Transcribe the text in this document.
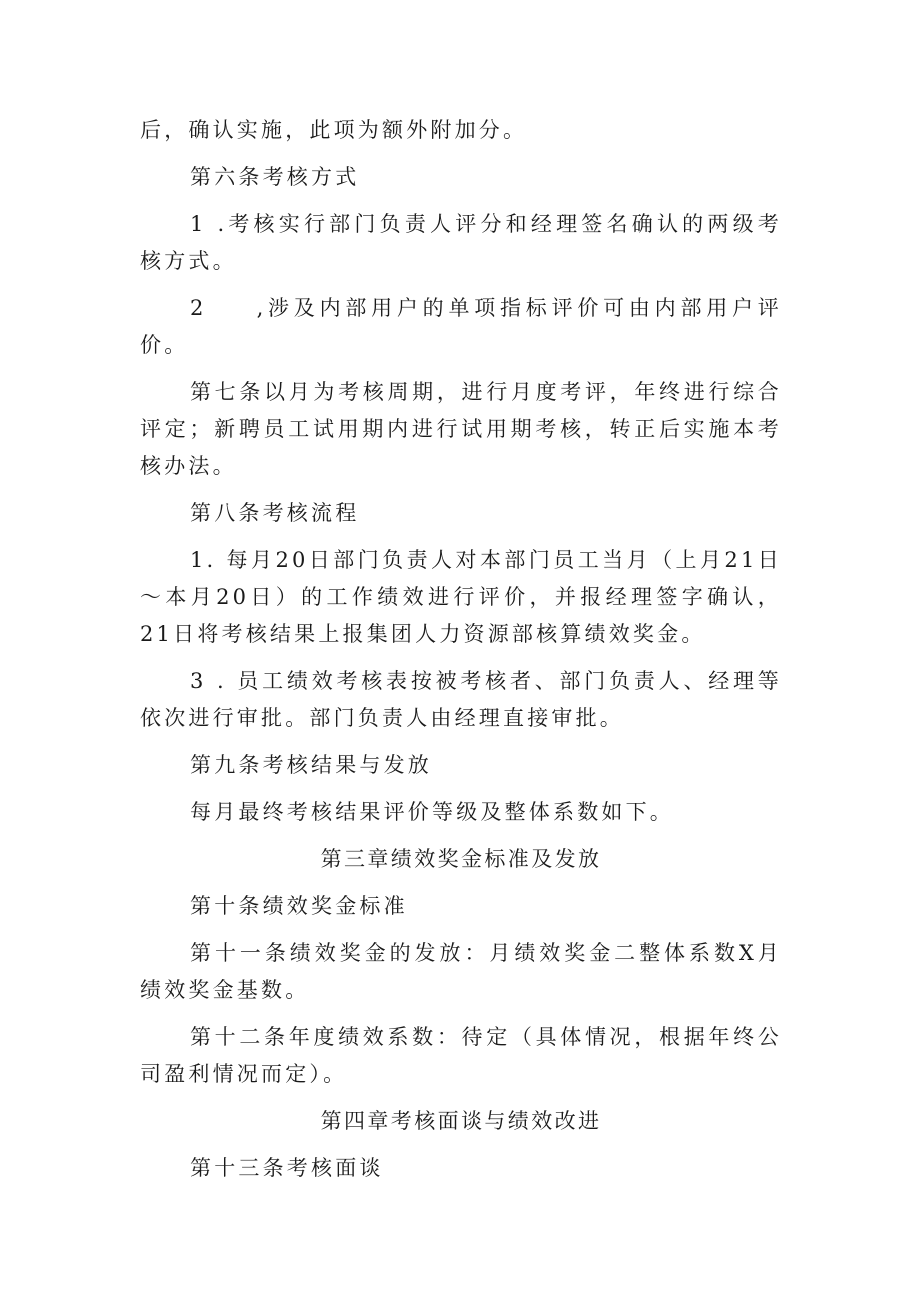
后，确认实施，此项为额外附加分。

第六条考核方式

1 .考核实行部门负责人评分和经理签名确认的两级考核方式。

2 ,涉及内部用户的单项指标评价可由内部用户评价。

第七条以月为考核周期，进行月度考评，年终进行综合评定；新聘员工试用期内进行试用期考核，转正后实施本考核办法。

第八条考核流程

1. 每月20日部门负责人对本部门员工当月（上月21日～本月20日）的工作绩效进行评价，并报经理签字确认，21日将考核结果上报集团人力资源部核算绩效奖金。

3 . 员工绩效考核表按被考核者、部门负责人、经理等依次进行审批。部门负责人由经理直接审批。

第九条考核结果与发放

每月最终考核结果评价等级及整体系数如下。

第三章绩效奖金标准及发放

第十条绩效奖金标准

第十一条绩效奖金的发放：月绩效奖金二整体系数X月绩效奖金基数。

第十二条年度绩效系数：待定（具体情况，根据年终公司盈利情况而定）。

第四章考核面谈与绩效改进

第十三条考核面谈
